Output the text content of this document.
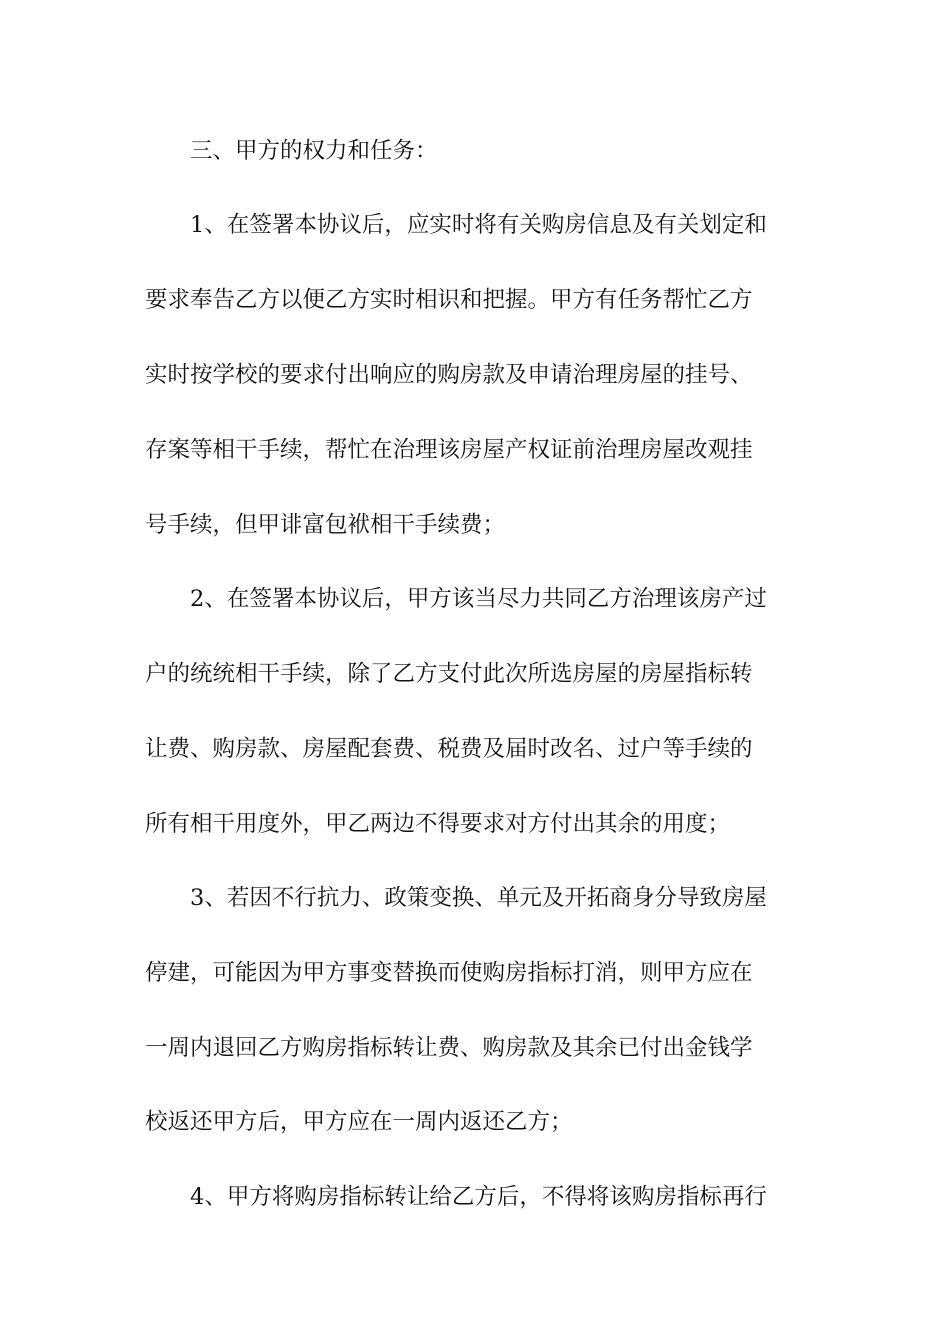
三、甲方的权力和任务：
1、在签署本协议后，应实时将有关购房信息及有关划定和
要求奉告乙方以便乙方实时相识和把握。甲方有任务帮忙乙方
实时按学校的要求付出响应的购房款及申请治理房屋的挂号、
存案等相干手续，帮忙在治理该房屋产权证前治理房屋改观挂
号手续，但甲诽富包袱相干手续费；
2、在签署本协议后，甲方该当尽力共同乙方治理该房产过
户的统统相干手续，除了乙方支付此次所选房屋的房屋指标转
让费、购房款、房屋配套费、税费及届时改名、过户等手续的
所有相干用度外，甲乙两边不得要求对方付出其余的用度；
3、若因不行抗力、政策变换、单元及开拓商身分导致房屋
停建，可能因为甲方事变替换而使购房指标打消，则甲方应在
一周内退回乙方购房指标转让费、购房款及其余已付出金钱学
校返还甲方后，甲方应在一周内返还乙方；
4、甲方将购房指标转让给乙方后，不得将该购房指标再行
